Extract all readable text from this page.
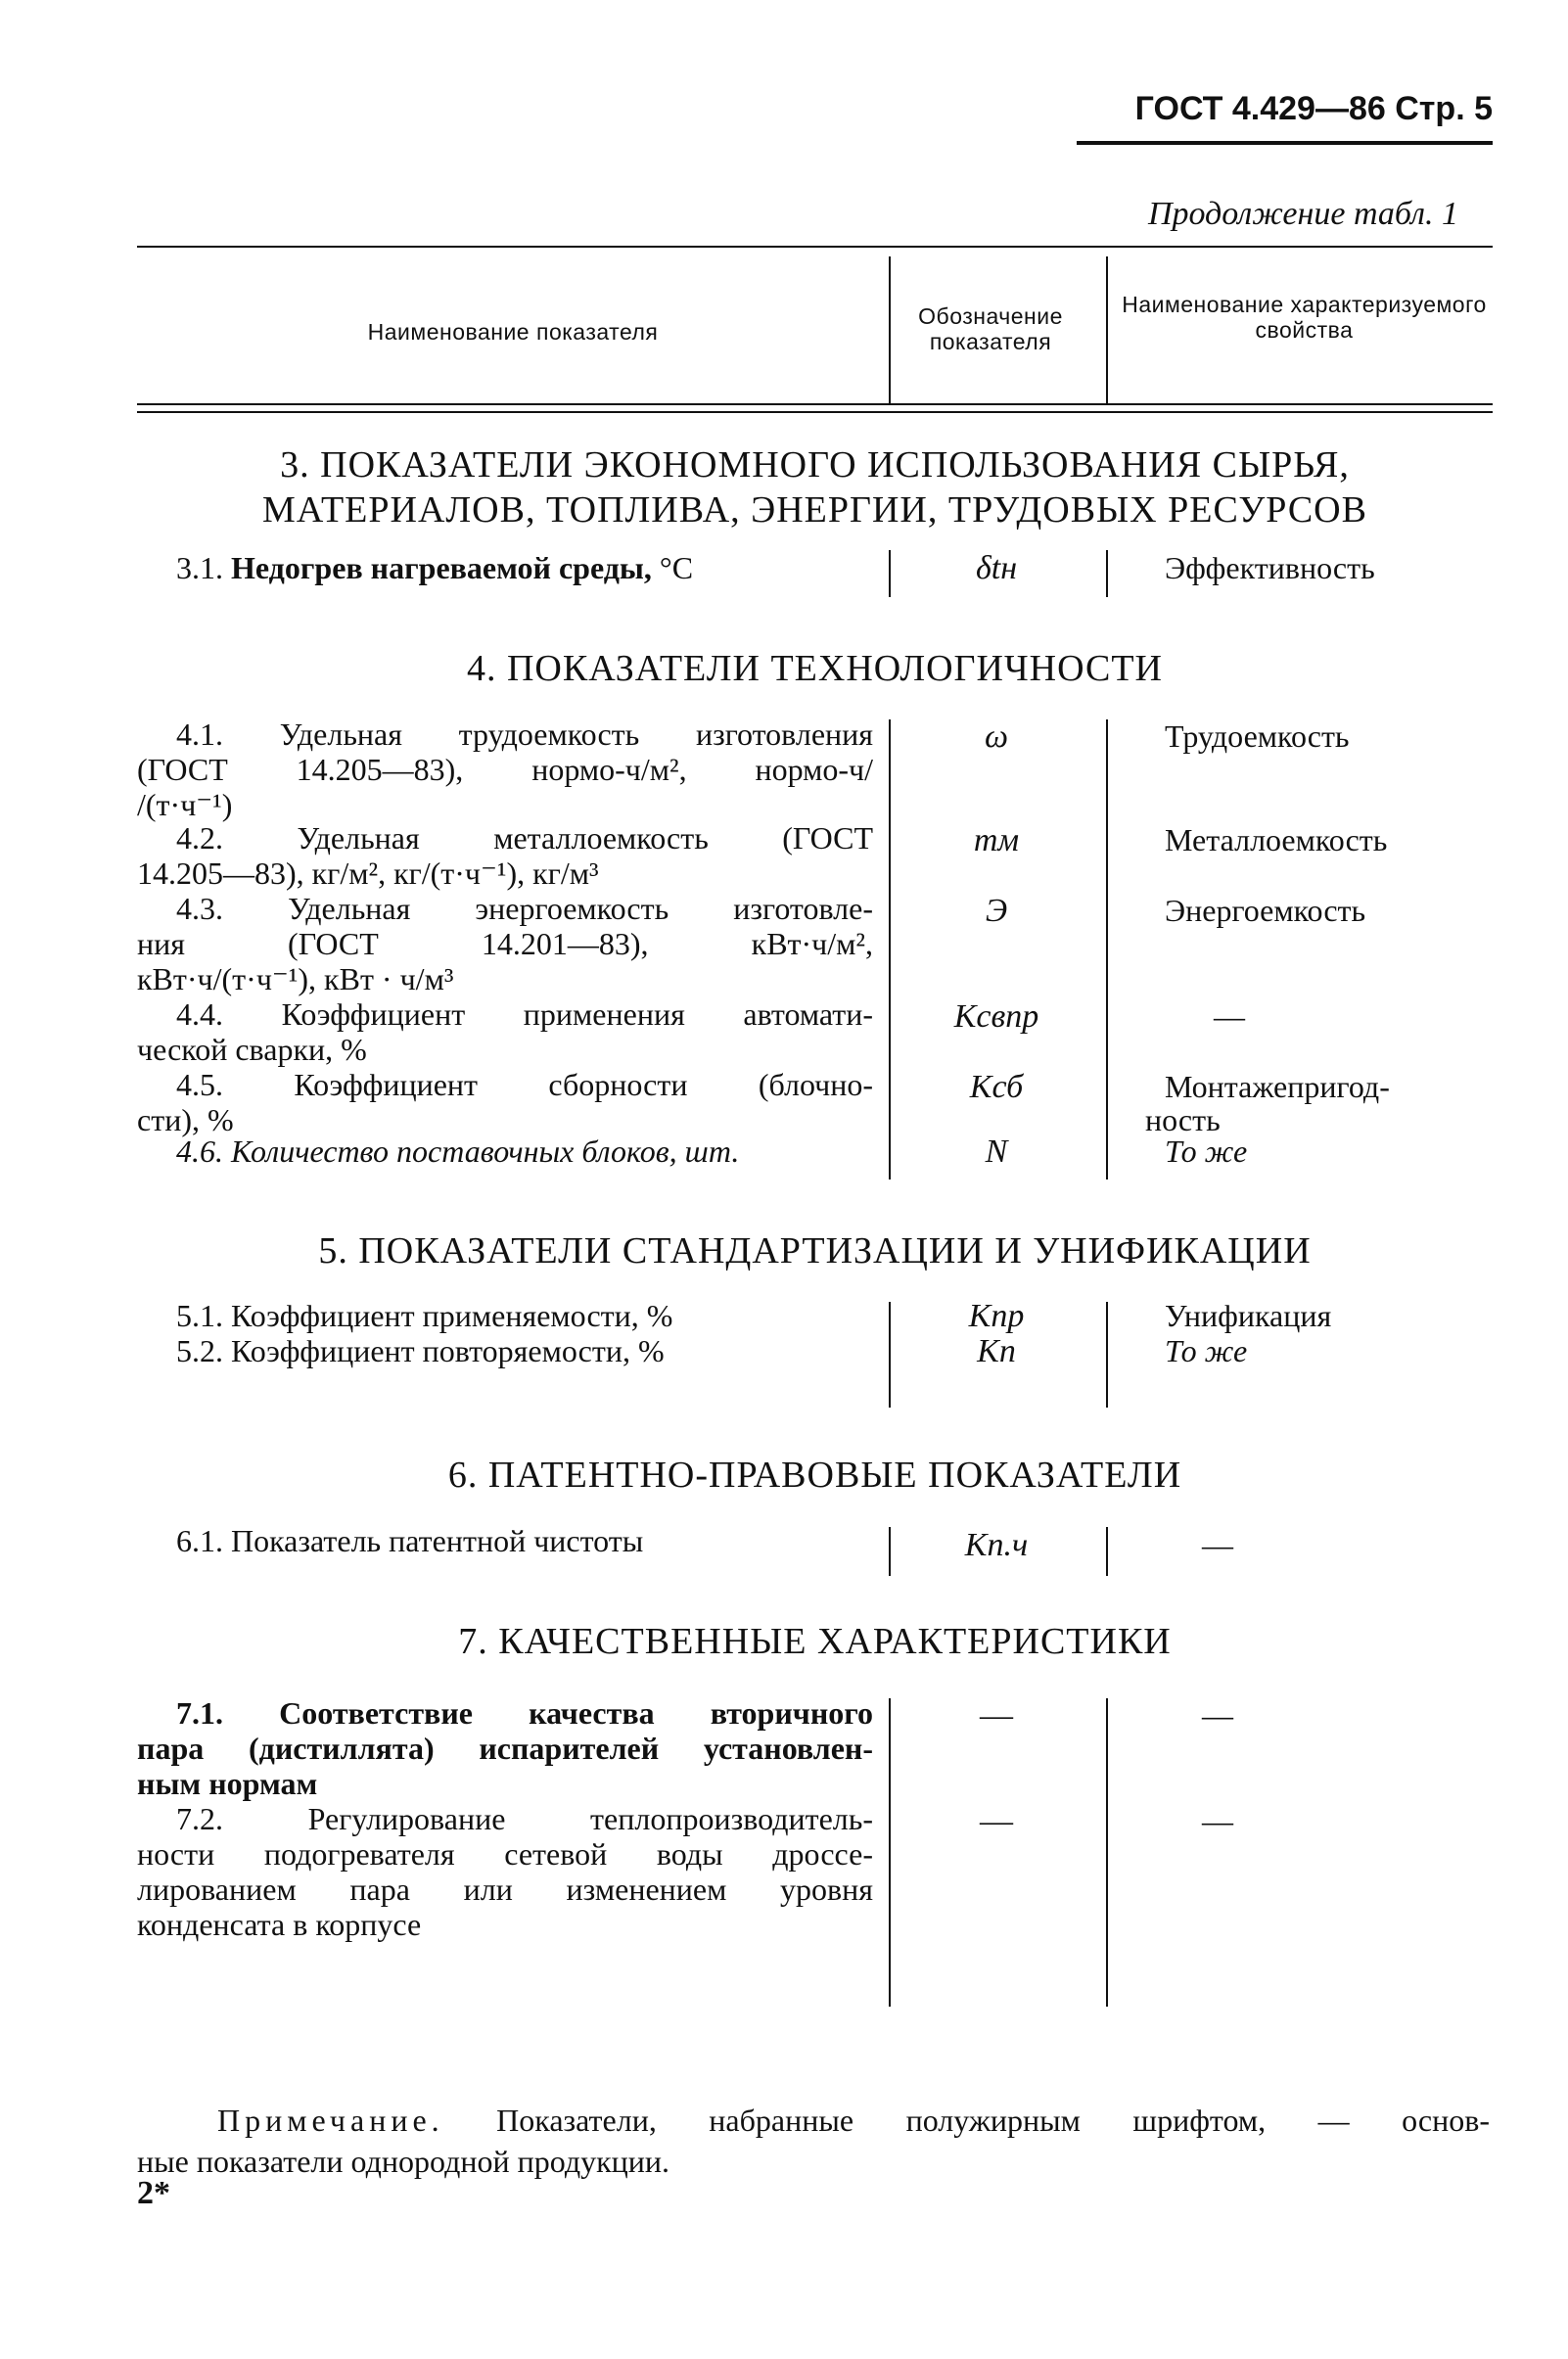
ГОСТ 4.429—86 Стр. 5
Продолжение табл. 1
Наименование показателя
Обозначение показателя
Наименование характеризуемого свойства
3. ПОКАЗАТЕЛИ ЭКОНОМНОГО ИСПОЛЬЗОВАНИЯ СЫРЬЯ,
МАТЕРИАЛОВ, ТОПЛИВА, ЭНЕРГИИ, ТРУДОВЫХ РЕСУРСОВ
3.1. Недогрев нагреваемой среды, °С	δtн	Эффективность
4. ПОКАЗАТЕЛИ ТЕХНОЛОГИЧНОСТИ
4.1. Удельная трудоемкость изготовления
(ГОСТ 14.205—83), нормо-ч/м², нормо-ч/
/(т·ч⁻¹)
ω	Трудоемкость
4.2. Удельная металлоемкость (ГОСТ
14.205—83), кг/м², кг/(т·ч⁻¹), кг/м³
mм	Металлоемкость
4.3. Удельная энергоемкость изготовле-
ния (ГОСТ 14.201—83), кВт·ч/м²,
кВт·ч/(т·ч⁻¹), кВт · ч/м³
Э	Энергоемкость
4.4. Коэффициент применения автомати-
ческой сварки, %
Kсвпр	—
4.5. Коэффициент сборности (блочно-
сти), %
Kсб	Монтажепригод-
ность
4.6. Количество поставочных блоков, шт.	N	То же
5. ПОКАЗАТЕЛИ СТАНДАРТИЗАЦИИ И УНИФИКАЦИИ
5.1. Коэффициент применяемости, %	Kпр	Унификация
5.2. Коэффициент повторяемости, %	Kп	То же
6. ПАТЕНТНО-ПРАВОВЫЕ ПОКАЗАТЕЛИ
6.1. Показатель патентной чистоты	Kп.ч	—
7. КАЧЕСТВЕННЫЕ ХАРАКТЕРИСТИКИ
7.1. Соответствие качества вторичного
пара (дистиллята) испарителей установлен-
ным нормам
—	—
7.2. Регулирование теплопроизводитель-
ности подогревателя сетевой воды дроссе-
лированием пара или изменением уровня
конденсата в корпусе
—	—
Примечание. Показатели, набранные полужирным шрифтом, — основ-
ные показатели однородной продукции.
2*
